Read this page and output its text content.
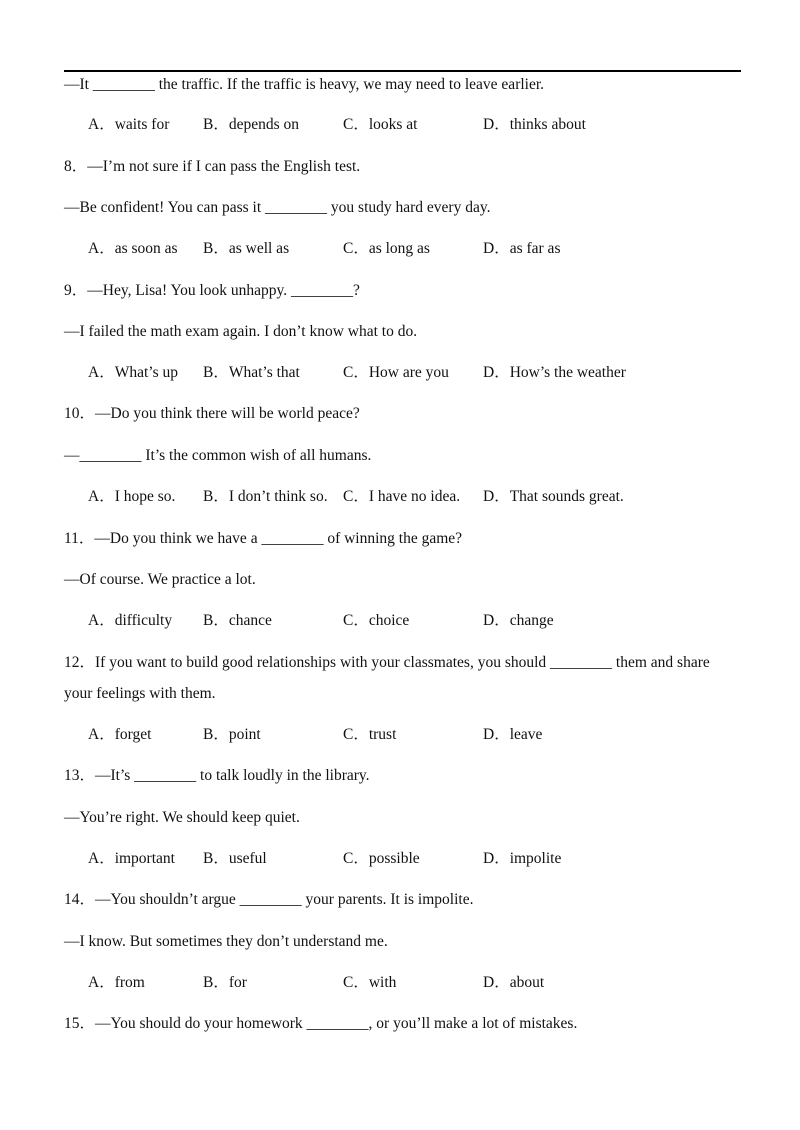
—It ________ the traffic. If the traffic is heavy, we may need to leave earlier.
A．waits for B．depends on	C．looks at	D．thinks about
8．—I’m not sure if I can pass the English test.
—Be confident! You can pass it ________ you study hard every day.
A．as soon as B．as well as	C．as long as	D．as far as
9．—Hey, Lisa! You look unhappy. ________?
—I failed the math exam again. I don’t know what to do.
A．What’s up B．What’s that	C．How are you D．How’s the weather
10．—Do you think there will be world peace?
—________ It’s the common wish of all humans.
A．I hope so. B．I don’t think so. C．I have no idea. D．That sounds great.
11．—Do you think we have a ________ of winning the game?
—Of course. We practice a lot.
A．difficulty B．chance	C．choice	D．change
12．If you want to build good relationships with your classmates, you should ________ them and share
your feelings with them.
A．forget	B．point	C．trust	D．leave
13．—It’s ________ to talk loudly in the library.
—You’re right. We should keep quiet.
A．important B．useful	C．possible	D．impolite
14．—You shouldn’t argue ________ your parents. It is impolite.
—I know. But sometimes they don’t understand me.
A．from	B．for	C．with	D．about
15．—You should do your homework ________, or you’ll make a lot of mistakes.
